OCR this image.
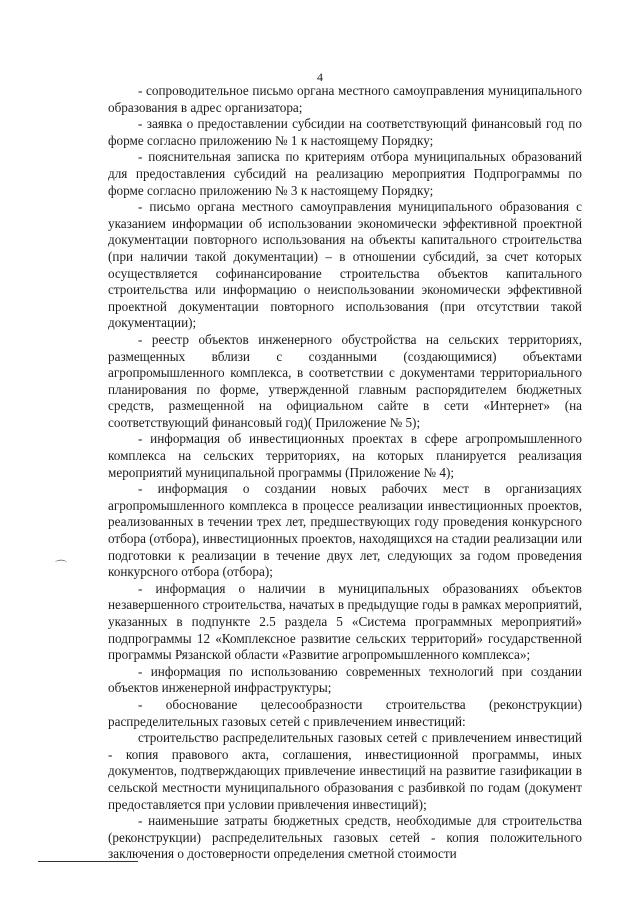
4

- сопроводительное письмо органа местного самоуправления муниципального образования в адрес организатора;

- заявка о предоставлении субсидии на соответствующий финансовый год по форме согласно приложению № 1 к настоящему Порядку;

- пояснительная записка по критериям отбора муниципальных образований для предоставления субсидий на реализацию мероприятия Подпрограммы по форме согласно приложению № 3 к настоящему Порядку;

- письмо органа местного самоуправления муниципального образования с указанием информации об использовании экономически эффективной проектной документации повторного использования на объекты капитального строительства (при наличии такой документации) – в отношении субсидий, за счет которых осуществляется софинансирование строительства объектов капитального строительства или информацию о неиспользовании экономически эффективной проектной документации повторного использования (при отсутствии такой документации);

- реестр объектов инженерного обустройства на сельских территориях, размещенных вблизи с созданными (создающимися) объектами агропромышленного комплекса, в соответствии с документами территориального планирования по форме, утвержденной главным распорядителем бюджетных средств, размещенной на официальном сайте в сети «Интернет» (на соответствующий финансовый год)( Приложение № 5);

- информация об инвестиционных проектах в сфере агропромышленного комплекса на сельских территориях, на которых планируется реализация мероприятий муниципальной программы (Приложение № 4);

- информация о создании новых рабочих мест в организациях агропромышленного комплекса в процессе реализации инвестиционных проектов, реализованных в течении трех лет, предшествующих году проведения конкурсного отбора (отбора), инвестиционных проектов, находящихся на стадии реализации или подготовки к реализации в течение двух лет, следующих за годом проведения конкурсного отбора (отбора);

- информация о наличии в муниципальных образованиях объектов незавершенного строительства, начатых в предыдущие годы в рамках мероприятий, указанных в подпункте 2.5 раздела 5 «Система программных мероприятий» подпрограммы 12 «Комплексное развитие сельских территорий» государственной программы Рязанской области «Развитие агропромышленного комплекса»;

- информация по использованию современных технологий при создании объектов инженерной инфраструктуры;

- обоснование целесообразности строительства (реконструкции) распределительных газовых сетей с привлечением инвестиций:

строительство распределительных газовых сетей с привлечением инвестиций - копия правового акта, соглашения, инвестиционной программы, иных документов, подтверждающих привлечение инвестиций на развитие газификации в сельской местности муниципального образования с разбивкой по годам (документ предоставляется при условии привлечения инвестиций);

- наименьшие затраты бюджетных средств, необходимые для строительства (реконструкции) распределительных газовых сетей - копия положительного заключения о достоверности определения сметной стоимости

⌒
